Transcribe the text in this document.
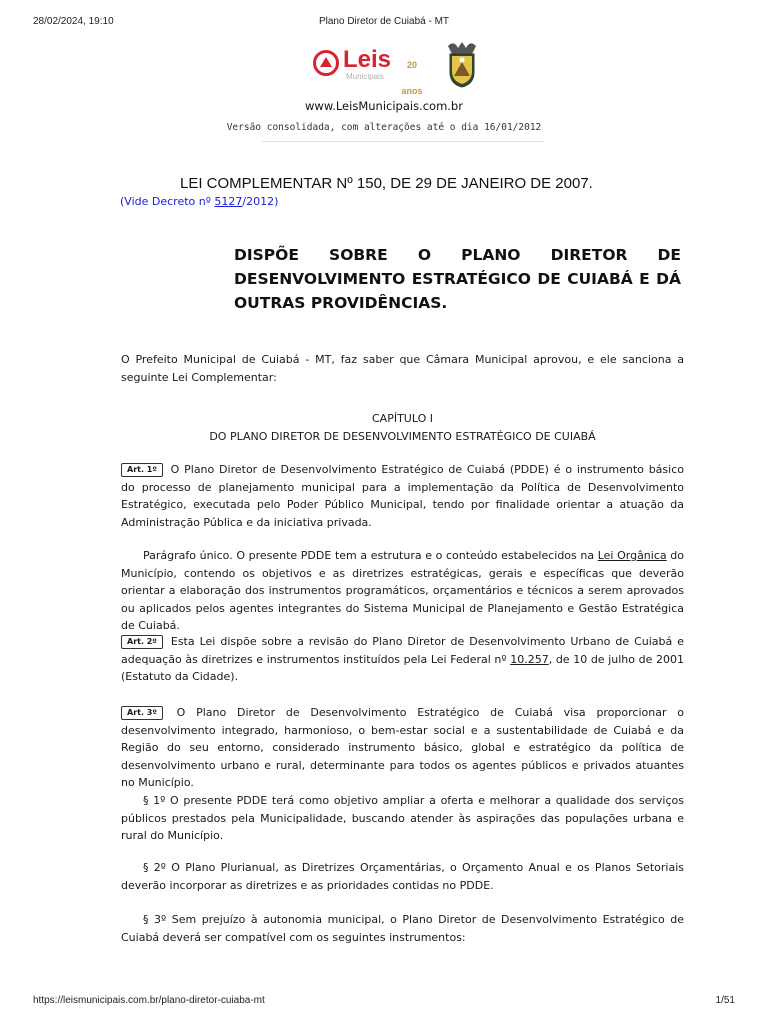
28/02/2024, 19:10	Plano Diretor de Cuiabá - MT
Leis
Municipais
20 anos
www.LeisMunicipais.com.br
Versão consolidada, com alterações até o dia 16/01/2012
LEI COMPLEMENTAR Nº 150, DE 29 DE JANEIRO DE 2007.
(Vide Decreto nº 5127/2012)
DISPÕE SOBRE O PLANO DIRETOR DE
DESENVOLVIMENTO ESTRATÉGICO DE CUIABÁ E DÁ
OUTRAS PROVIDÊNCIAS.
O Prefeito Municipal de Cuiabá - MT, faz saber que Câmara Municipal aprovou, e ele sanciona a seguinte Lei Complementar:
CAPÍTULO I
DO PLANO DIRETOR DE DESENVOLVIMENTO ESTRATÉGICO DE CUIABÁ
Art. 1º O Plano Diretor de Desenvolvimento Estratégico de Cuiabá (PDDE) é o instrumento básico do processo de planejamento municipal para a implementação da Política de Desenvolvimento Estratégico, executada pelo Poder Público Municipal, tendo por finalidade orientar a atuação da Administração Pública e da iniciativa privada.
Parágrafo único. O presente PDDE tem a estrutura e o conteúdo estabelecidos na Lei Orgânica do Município, contendo os objetivos e as diretrizes estratégicas, gerais e específicas que deverão orientar a elaboração dos instrumentos programáticos, orçamentários e técnicos a serem aprovados ou aplicados pelos agentes integrantes do Sistema Municipal de Planejamento e Gestão Estratégica de Cuiabá.
Art. 2º Esta Lei dispõe sobre a revisão do Plano Diretor de Desenvolvimento Urbano de Cuiabá e adequação às diretrizes e instrumentos instituídos pela Lei Federal nº 10.257, de 10 de julho de 2001 (Estatuto da Cidade).
Art. 3º O Plano Diretor de Desenvolvimento Estratégico de Cuiabá visa proporcionar o desenvolvimento integrado, harmonioso, o bem-estar social e a sustentabilidade de Cuiabá e da Região do seu entorno, considerado instrumento básico, global e estratégico da política de desenvolvimento urbano e rural, determinante para todos os agentes públicos e privados atuantes no Município.
§ 1º O presente PDDE terá como objetivo ampliar a oferta e melhorar a qualidade dos serviços públicos prestados pela Municipalidade, buscando atender às aspirações das populações urbana e rural do Município.
§ 2º O Plano Plurianual, as Diretrizes Orçamentárias, o Orçamento Anual e os Planos Setoriais deverão incorporar as diretrizes e as prioridades contidas no PDDE.
§ 3º Sem prejuízo à autonomia municipal, o Plano Diretor de Desenvolvimento Estratégico de Cuiabá deverá ser compatível com os seguintes instrumentos:
https://leismunicipais.com.br/plano-diretor-cuiaba-mt	1/51
